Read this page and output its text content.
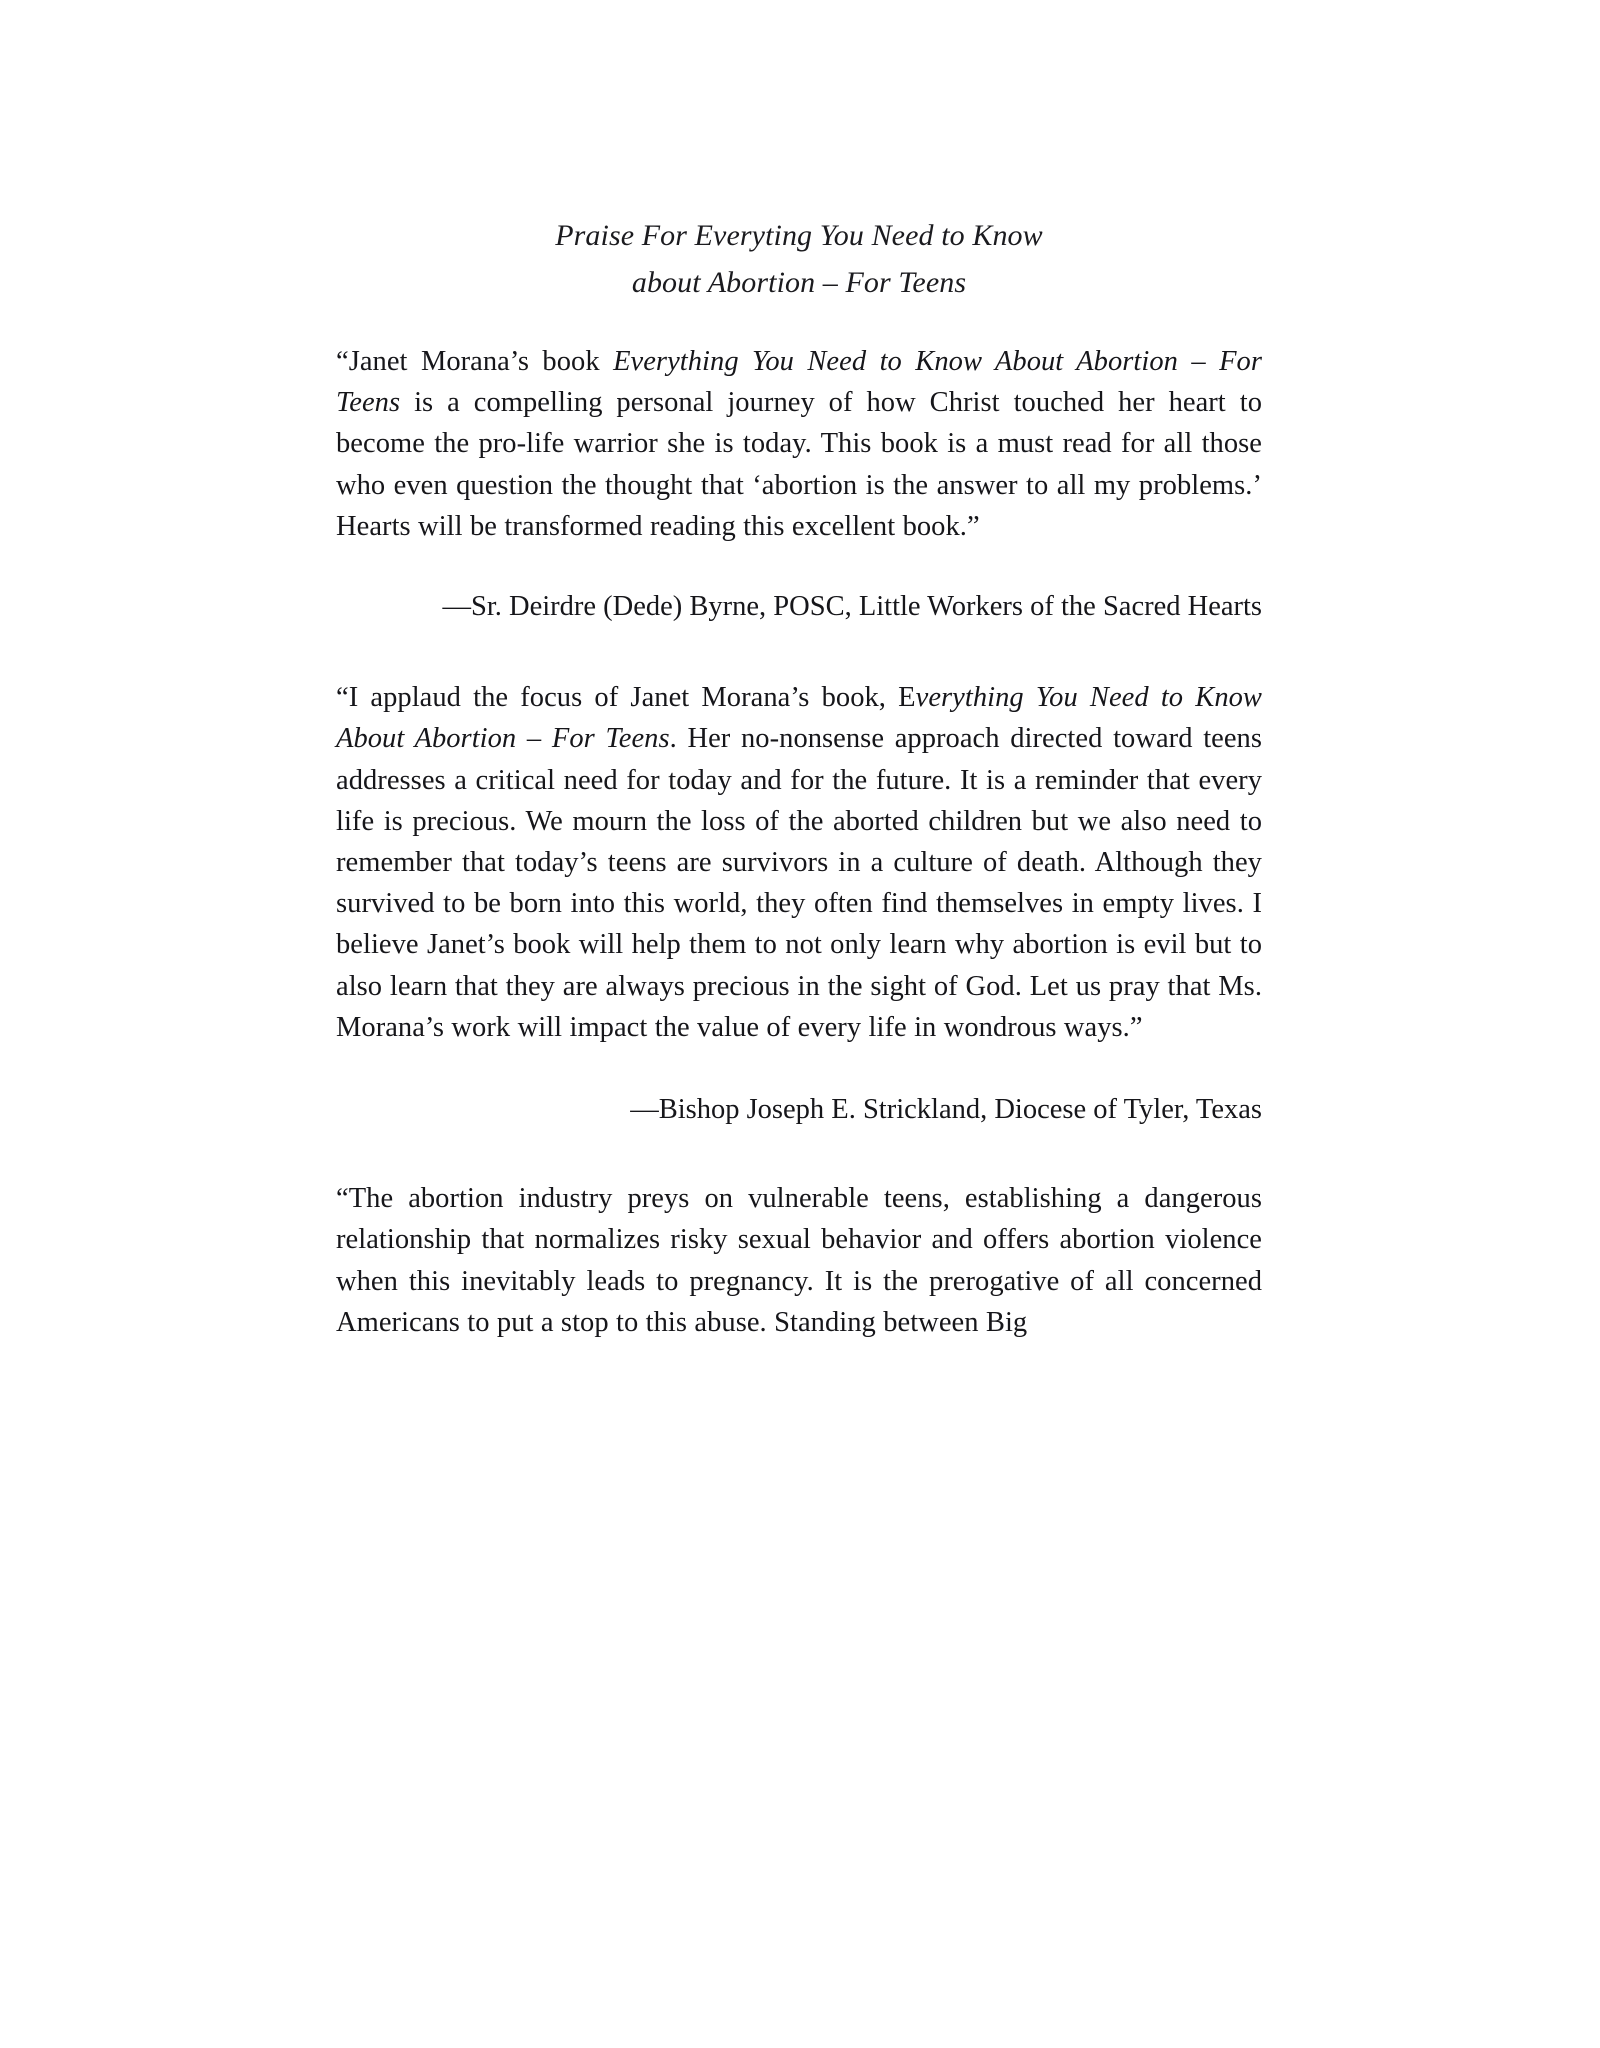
Praise For Everyting You Need to Know
about Abortion – For Teens

“Janet Morana’s book Everything You Need to Know About Abortion – For Teens is a compelling personal journey of how Christ touched her heart to become the pro-life warrior she is today. This book is a must read for all those who even question the thought that ‘abortion is the answer to all my problems.’ Hearts will be transformed reading this excellent book.”

—Sr. Deirdre (Dede) Byrne, POSC, Little Workers of the Sacred Hearts

“I applaud the focus of Janet Morana’s book, Everything You Need to Know About Abortion – For Teens. Her no-nonsense approach directed toward teens addresses a critical need for today and for the future. It is a reminder that every life is precious. We mourn the loss of the aborted children but we also need to remember that today’s teens are survivors in a culture of death. Although they survived to be born into this world, they often find themselves in empty lives. I believe Janet’s book will help them to not only learn why abortion is evil but to also learn that they are always precious in the sight of God. Let us pray that Ms. Morana’s work will impact the value of every life in wondrous ways.”

—Bishop Joseph E. Strickland, Diocese of Tyler, Texas

“The abortion industry preys on vulnerable teens, establishing a dangerous relationship that normalizes risky sexual behavior and offers abortion violence when this inevitably leads to pregnancy. It is the prerogative of all concerned Americans to put a stop to this abuse. Standing between Big
